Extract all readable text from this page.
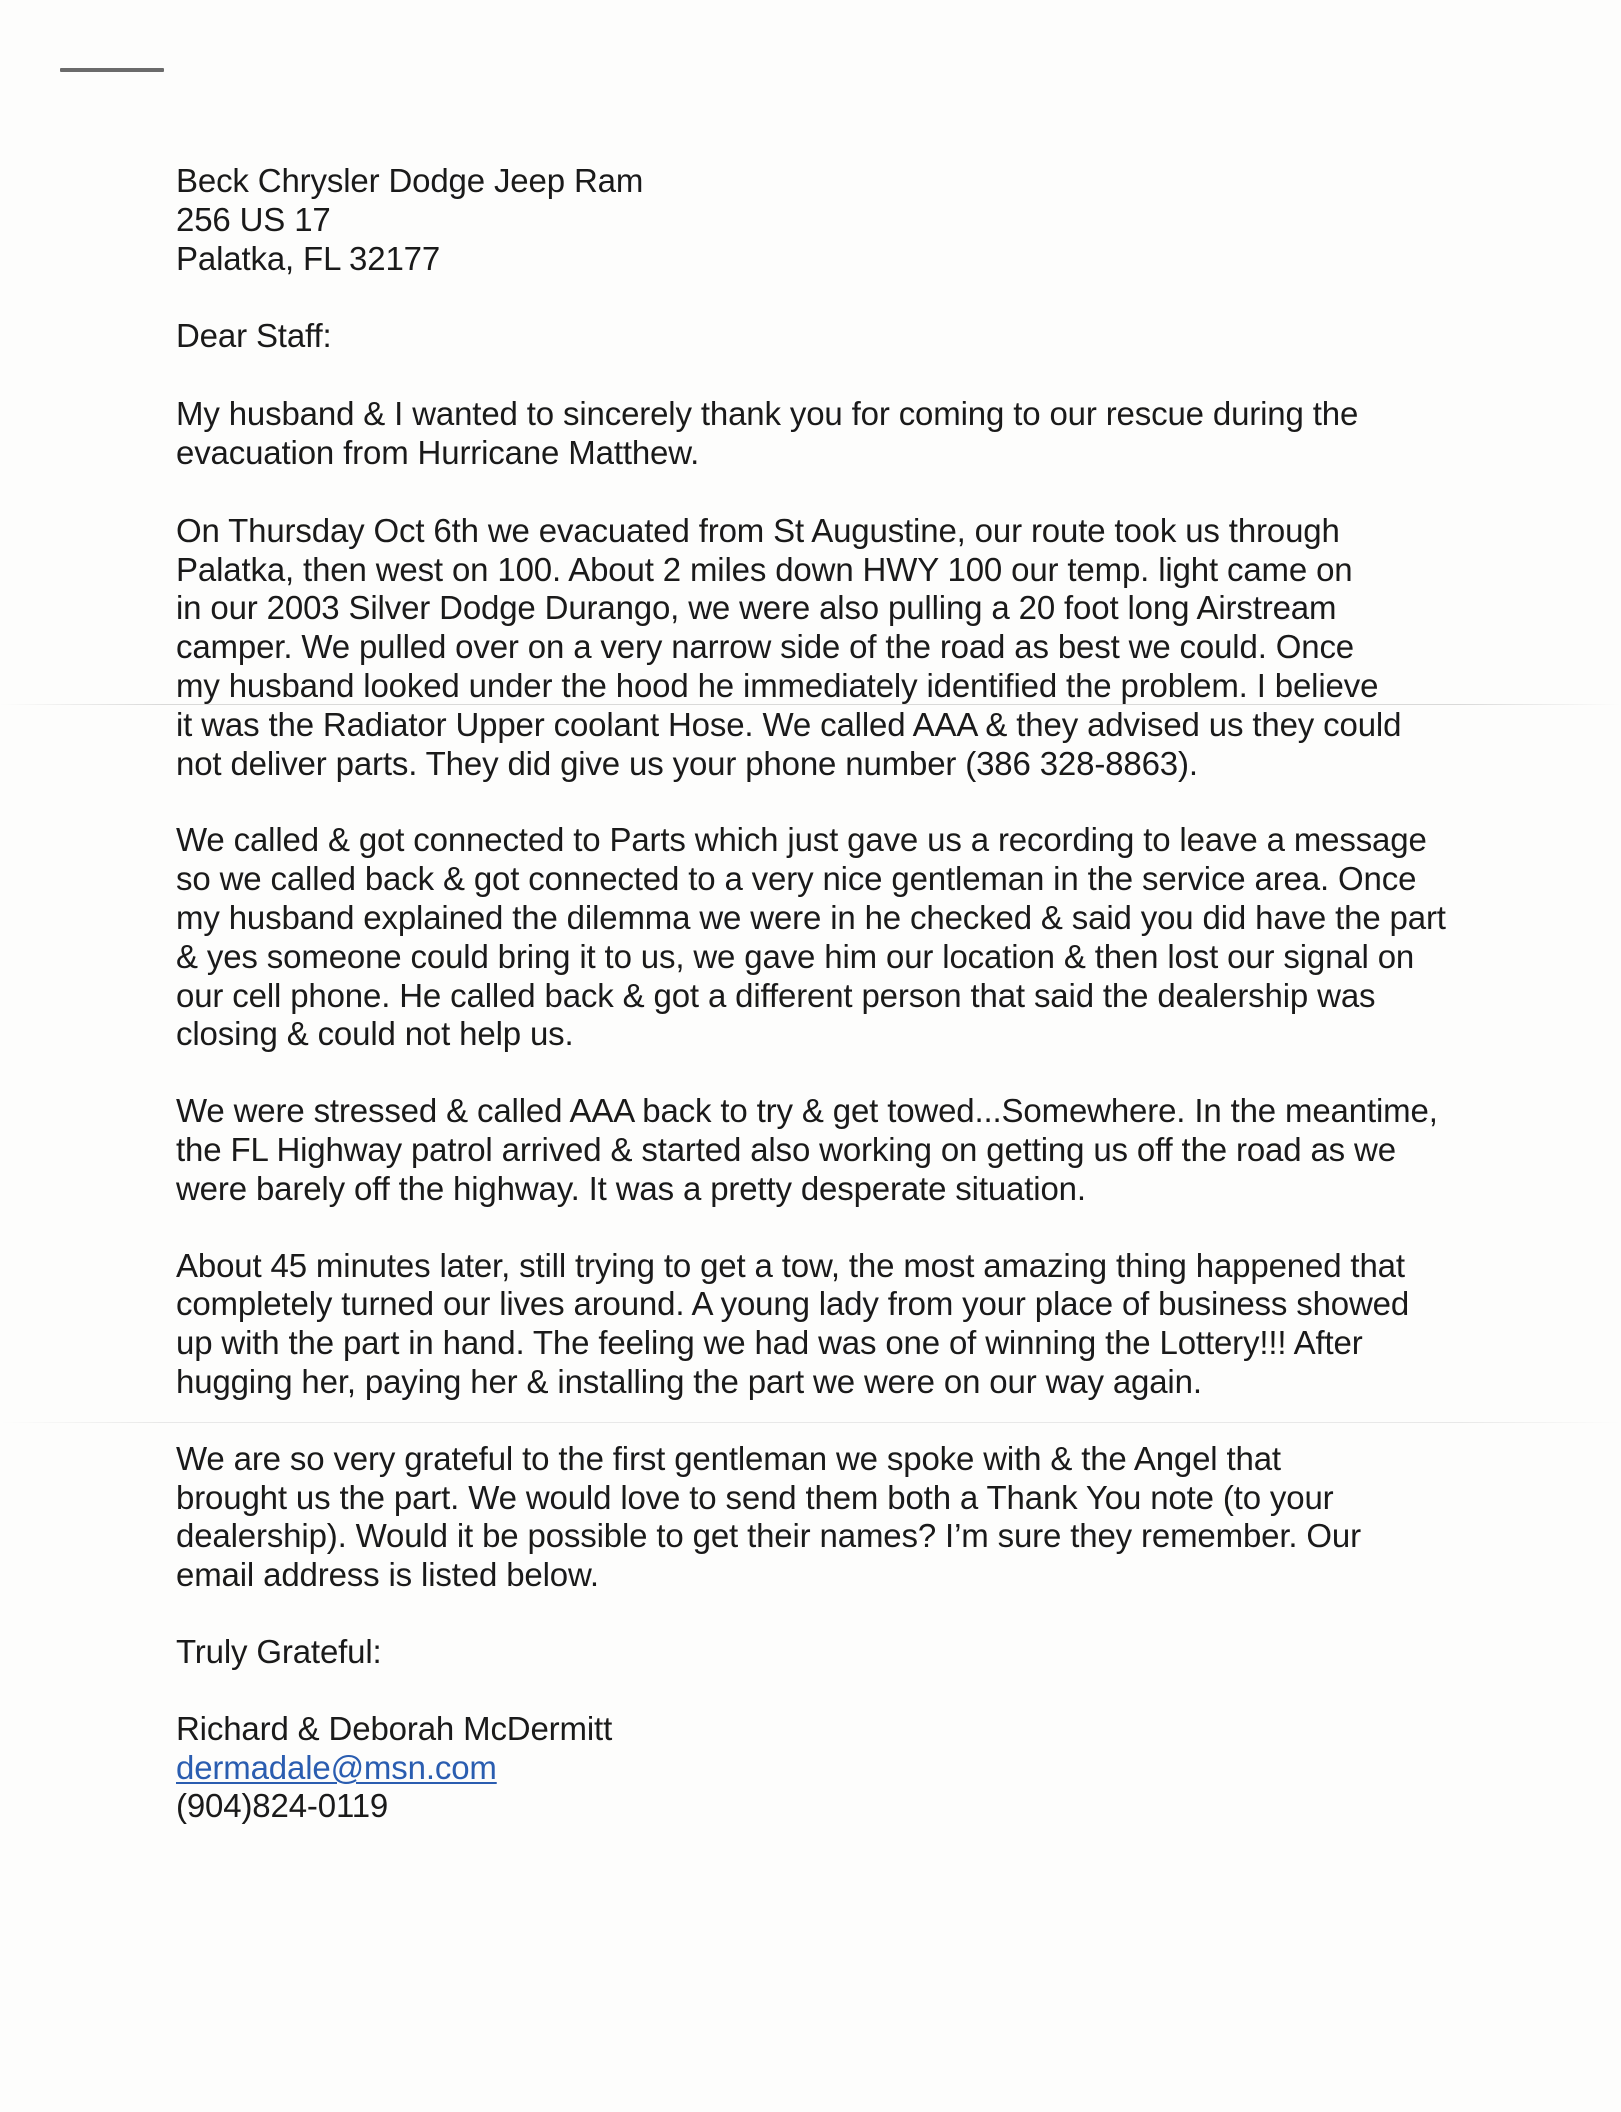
Beck Chrysler Dodge Jeep Ram
256 US 17
Palatka, FL 32177
Dear Staff:
My husband & I wanted to sincerely thank you for coming to our rescue during the
evacuation from Hurricane Matthew.
On Thursday Oct 6th we evacuated from St Augustine, our route took us through
Palatka, then west on 100. About 2 miles down HWY 100 our temp. light came on
in our 2003 Silver Dodge Durango, we were also pulling a 20 foot long Airstream
camper. We pulled over on a very narrow side of the road as best we could. Once
my husband looked under the hood he immediately identified the problem. I believe
it was the Radiator Upper coolant Hose. We called AAA & they advised us they could
not deliver parts. They did give us your phone number (386 328-8863).
We called & got connected to Parts which just gave us a recording to leave a message
so we called back & got connected to a very nice gentleman in the service area. Once
my husband explained the dilemma we were in he checked & said you did have the part
& yes someone could bring it to us, we gave him our location & then lost our signal on
our cell phone. He called back & got a different person that said the dealership was
closing & could not help us.
We were stressed & called AAA back to try & get towed...Somewhere. In the meantime,
the FL Highway patrol arrived & started also working on getting us off the road as we
were barely off the highway. It was a pretty desperate situation.
About 45 minutes later, still trying to get a tow, the most amazing thing happened that
completely turned our lives around. A young lady from your place of business showed
up with the part in hand. The feeling we had was one of winning the Lottery!!! After
hugging her, paying her & installing the part we were on our way again.
We are so very grateful to the first gentleman we spoke with & the Angel that
brought us the part. We would love to send them both a Thank You note (to your
dealership). Would it be possible to get their names? I’m sure they remember. Our
email address is listed below.
Truly Grateful:
Richard & Deborah McDermitt
dermadale@msn.com
(904)824-0119
